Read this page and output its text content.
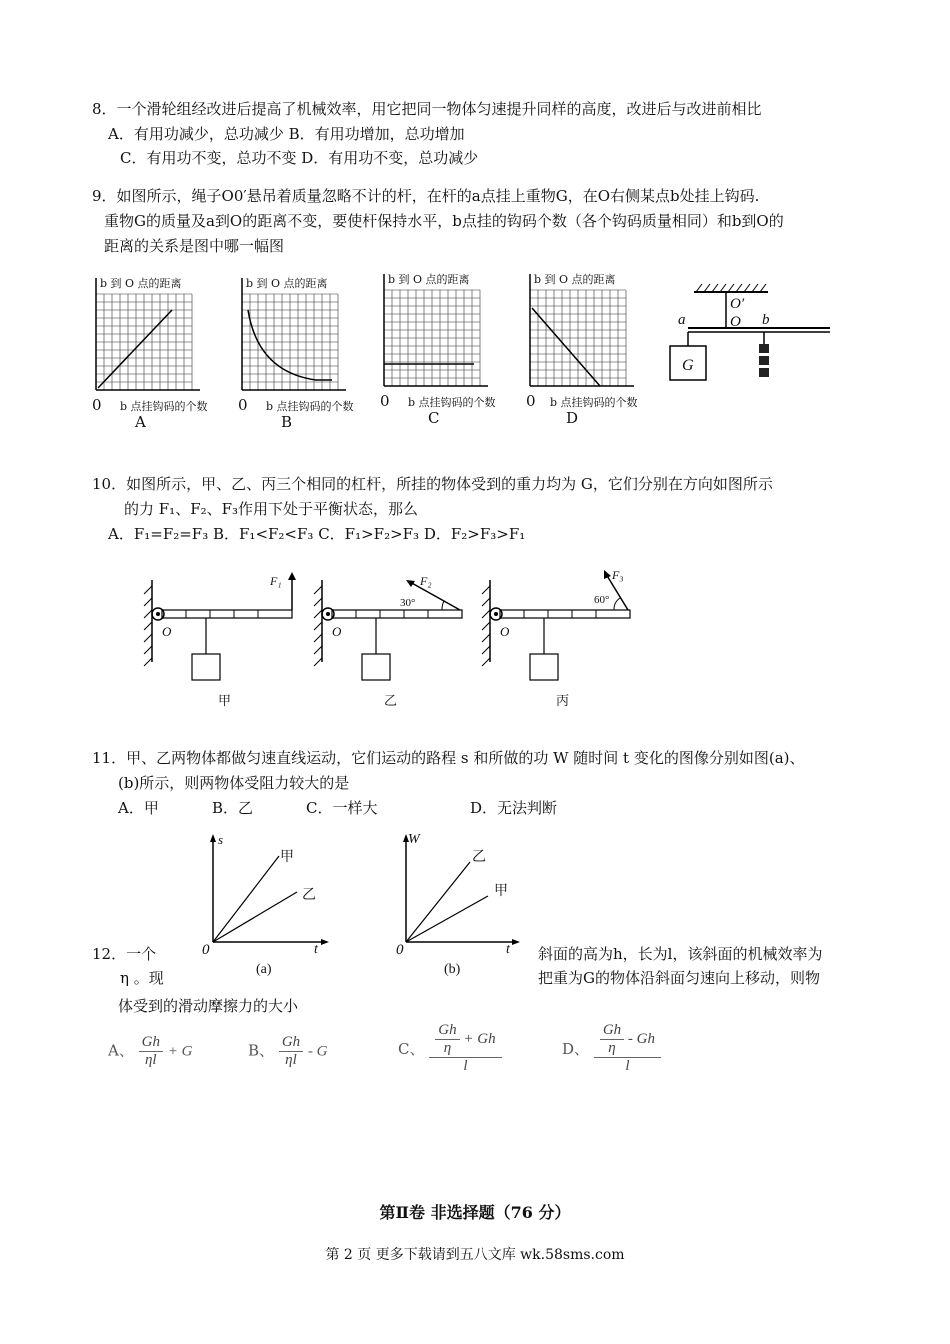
8．一个滑轮组经改进后提高了机械效率，用它把同一物体匀速提升同样的高度，改进后与改进前相比
A．有用功减少，总功减少 B．有用功增加，总功增加
C．有用功不变，总功不变 D．有用功不变，总功减少
9．如图所示，绳子O0′悬吊着质量忽略不计的杆，在杆的a点挂上重物G，在O右侧某点b处挂上钩码.
重物G的质量及a到O的距离不变，要使杆保持水平，b点挂的钩码个数（各个钩码质量相同）和b到O的
距离的关系是图中哪一幅图
b 到 O 点的距离
b 点挂钩码的个数
0
A
b 到 O 点的距离
b 点挂钩码的个数
0
B
b 到 O 点的距离
b 点挂钩码的个数
0
C
b 到 O 点的距离
b 点挂钩码的个数
0
D
O′
O
a	b
G
10．如图所示，甲、乙、丙三个相同的杠杆，所挂的物体受到的重力均为 G，它们分别在方向如图所示
的力 F₁、F₂、F₃作用下处于平衡状态，那么
A．F₁=F₂=F₃ B．F₁<F₂<F₃ C．F₁>F₂>F₃ D．F₂>F₃>F₁
F₁
O
甲
F₂
30°
O
乙
F₃
60°
O
丙
11．甲、乙两物体都做匀速直线运动，它们运动的路程 s 和所做的功 W 随时间 t 变化的图像分别如图(a)、
(b)所示，则两物体受阻力较大的是
A．甲	B．乙	C．一样大	D．无法判断
s
t
0
甲
乙
(a)
W
t
0
乙
甲
(b)
12．一个
η 。现
斜面的高为h，长为l，该斜面的机械效率为
把重为G的物体沿斜面匀速向上移动，则物
体受到的滑动摩擦力的大小
A、 $\frac{Gh}{\eta l} + G$	B、 $\frac{Gh}{\eta l}$ - G	C、 $\frac{\frac{Gh}{\eta} + Gh}{l}$	D、 $\frac{\frac{Gh}{\eta} - Gh}{l}$
第Ⅱ卷 非选择题（76 分）
第 2 页 更多下载请到五八文库 wk.58sms.com
